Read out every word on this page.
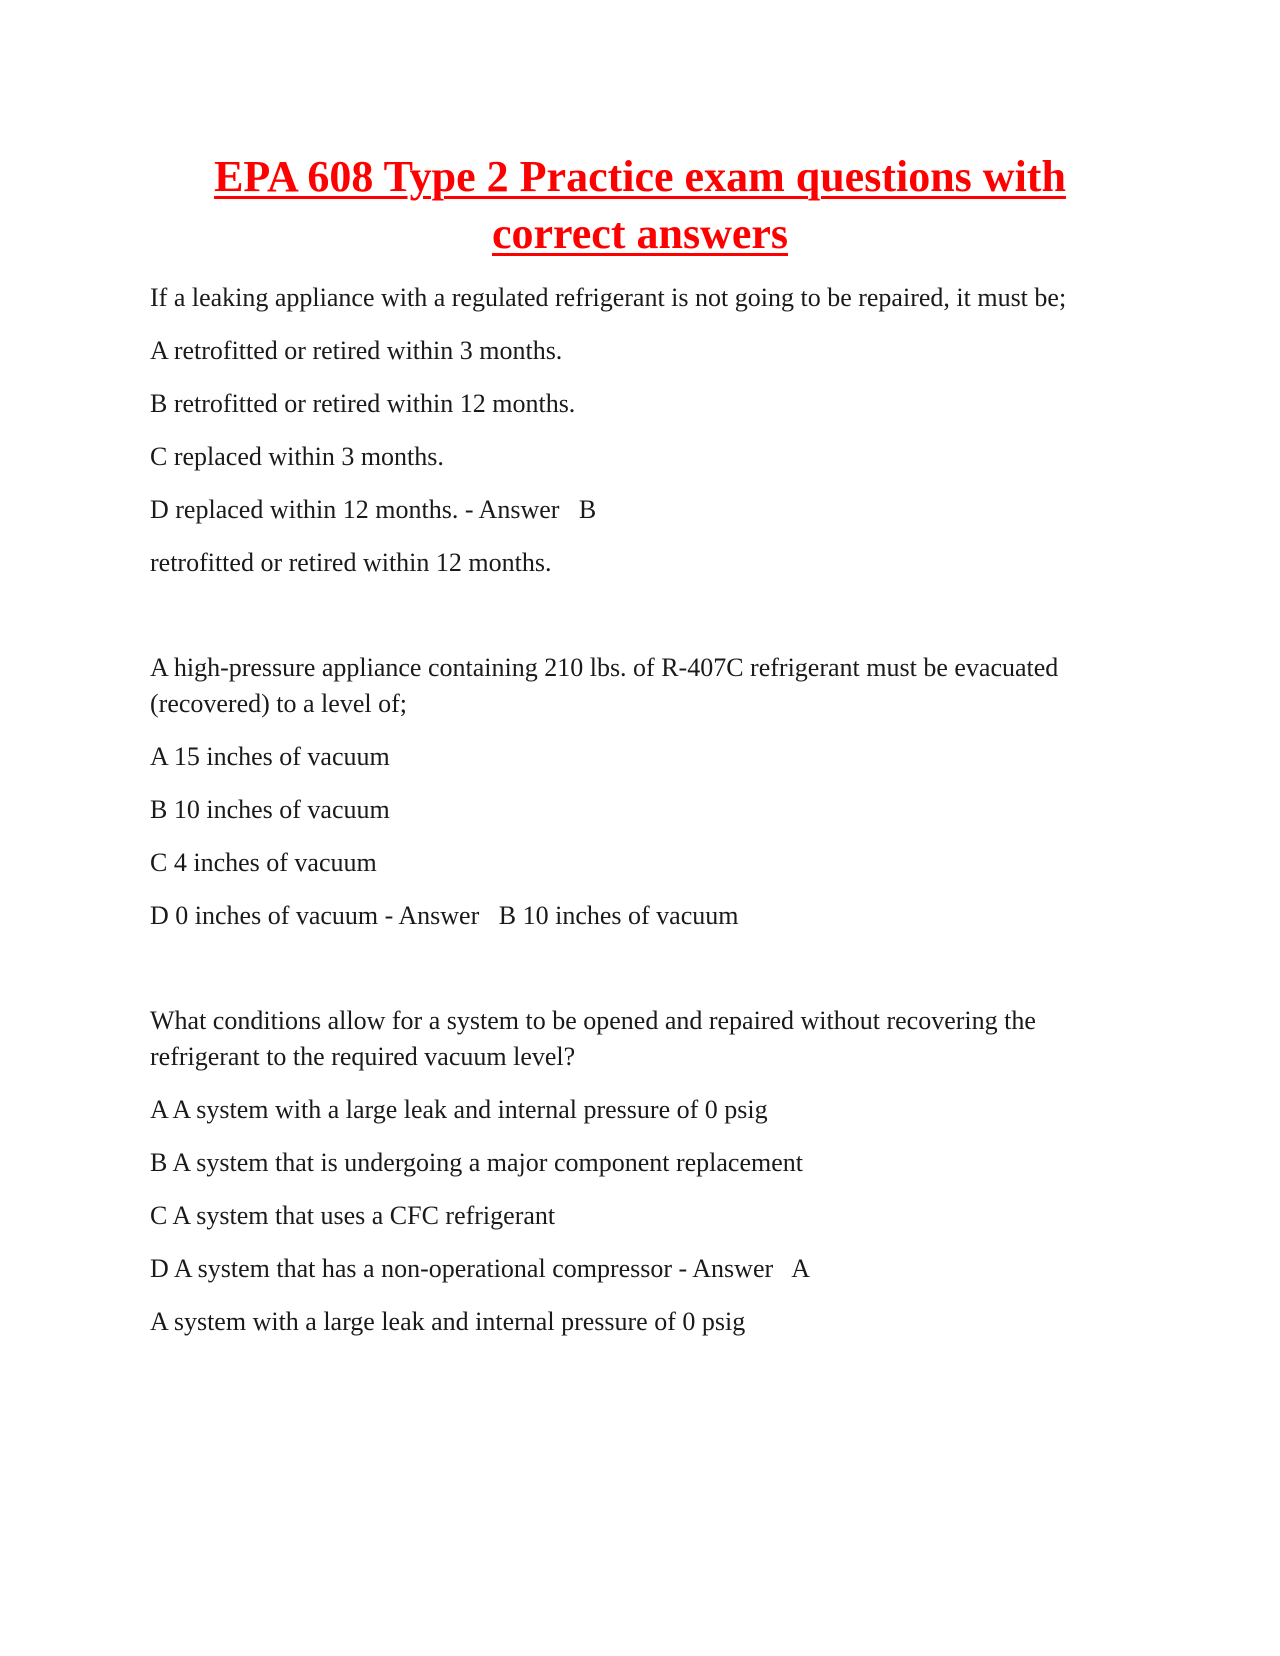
EPA 608 Type 2 Practice exam questions with correct answers

If a leaking appliance with a regulated refrigerant is not going to be repaired, it must be;

A retrofitted or retired within 3 months.

B retrofitted or retired within 12 months.

C replaced within 3 months.

D replaced within 12 months. - Answer   B

retrofitted or retired within 12 months.

A high-pressure appliance containing 210 lbs. of R-407C refrigerant must be evacuated (recovered) to a level of;

A 15 inches of vacuum

B 10 inches of vacuum

C 4 inches of vacuum

D 0 inches of vacuum - Answer   B 10 inches of vacuum

What conditions allow for a system to be opened and repaired without recovering the refrigerant to the required vacuum level?

A A system with a large leak and internal pressure of 0 psig

B A system that is undergoing a major component replacement

C A system that uses a CFC refrigerant

D A system that has a non-operational compressor - Answer   A

A system with a large leak and internal pressure of 0 psig
